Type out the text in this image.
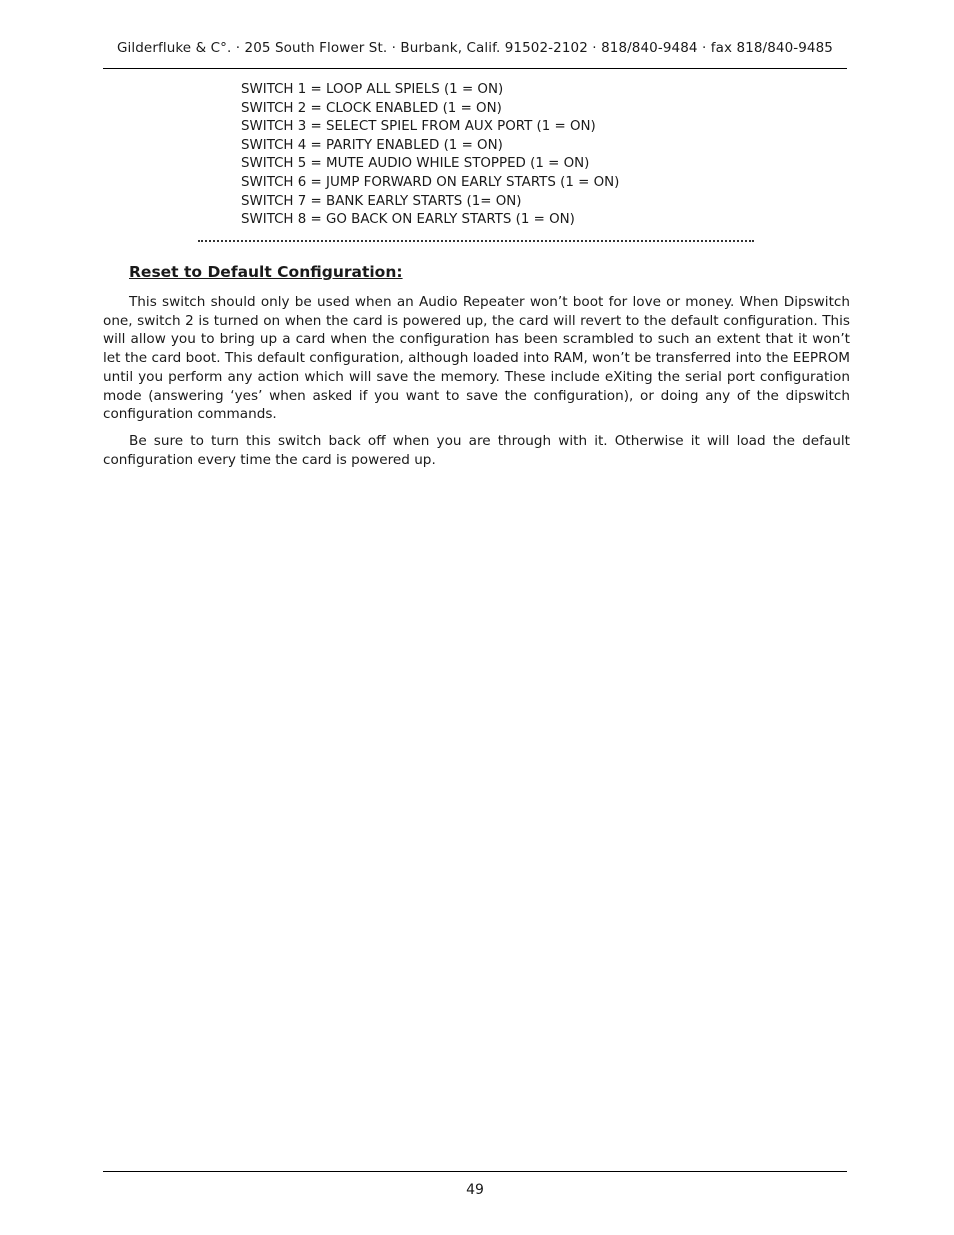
Gilderfluke & C°. · 205 South Flower St. · Burbank, Calif. 91502-2102 · 818/840-9484 · fax 818/840-9485
SWITCH 1 = LOOP ALL SPIELS (1 = ON)
SWITCH 2 = CLOCK ENABLED (1 = ON)
SWITCH 3 = SELECT SPIEL FROM AUX PORT (1 = ON)
SWITCH 4 = PARITY ENABLED (1 = ON)
SWITCH 5 = MUTE AUDIO WHILE STOPPED (1 = ON)
SWITCH 6 = JUMP FORWARD ON EARLY STARTS (1 = ON)
SWITCH 7 = BANK EARLY STARTS (1= ON)
SWITCH 8 = GO BACK ON EARLY STARTS (1 = ON)
Reset to Default Configuration:

This switch should only be used when an Audio Repeater won’t boot for love or money. When Dipswitch one, switch 2 is turned on when the card is powered up, the card will revert to the default configuration. This will allow you to bring up a card when the configuration has been scrambled to such an extent that it won’t let the card boot. This default configuration, although loaded into RAM, won’t be transferred into the EEPROM until you perform any action which will save the memory. These include eXiting the serial port configuration mode (answering ‘yes’ when asked if you want to save the configuration), or doing any of the dipswitch configuration commands.

Be sure to turn this switch back off when you are through with it. Otherwise it will load the default configuration every time the card is powered up.

49
